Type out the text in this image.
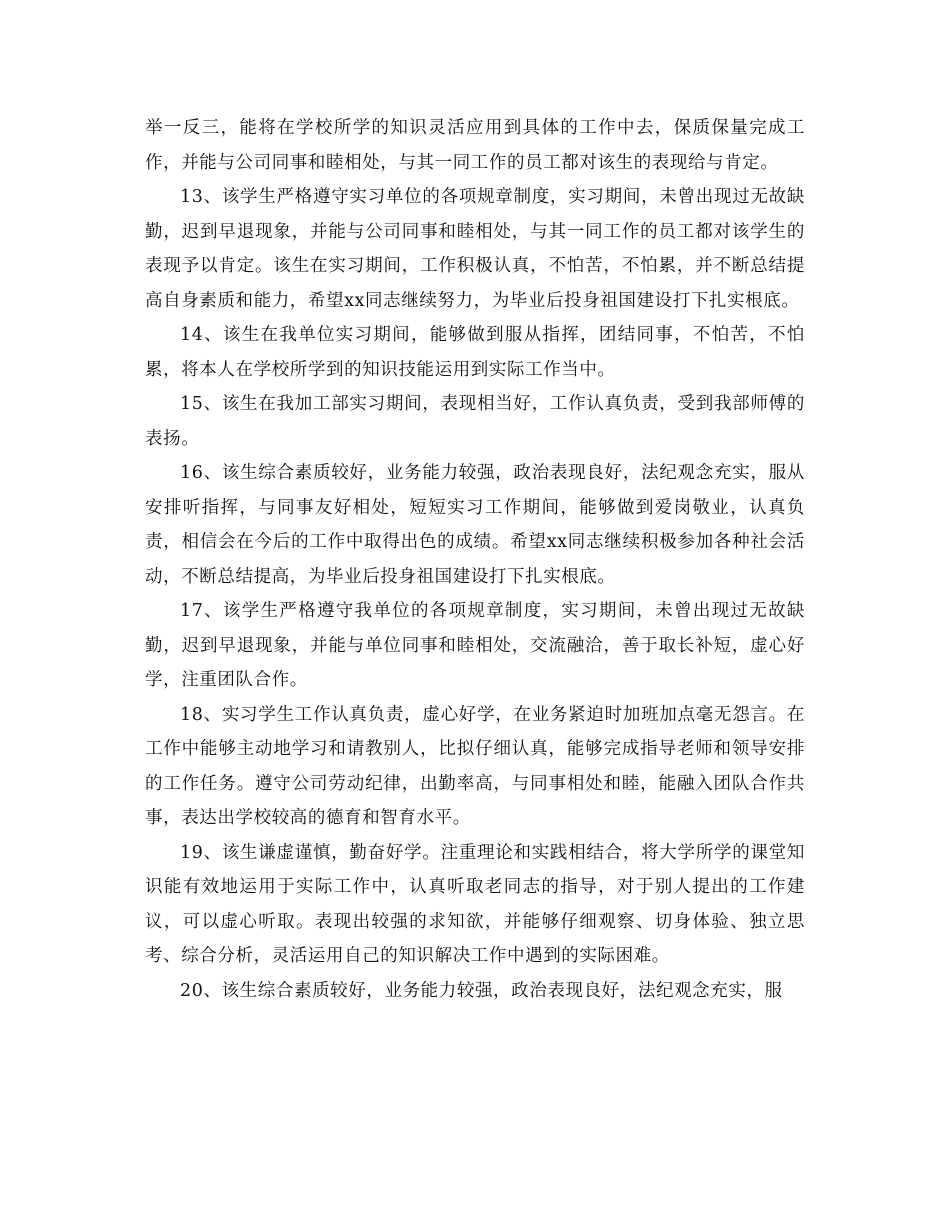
举一反三，能将在学校所学的知识灵活应用到具体的工作中去，保质保量完成工作，并能与公司同事和睦相处，与其一同工作的员工都对该生的表现给与肯定。

13、该学生严格遵守实习单位的各项规章制度，实习期间，未曾出现过无故缺勤，迟到早退现象，并能与公司同事和睦相处，与其一同工作的员工都对该学生的表现予以肯定。该生在实习期间，工作积极认真，不怕苦，不怕累，并不断总结提高自身素质和能力，希望xx同志继续努力，为毕业后投身祖国建设打下扎实根底。

14、该生在我单位实习期间，能够做到服从指挥，团结同事，不怕苦，不怕累，将本人在学校所学到的知识技能运用到实际工作当中。

15、该生在我加工部实习期间，表现相当好，工作认真负责，受到我部师傅的表扬。

16、该生综合素质较好，业务能力较强，政治表现良好，法纪观念充实，服从安排听指挥，与同事友好相处，短短实习工作期间，能够做到爱岗敬业，认真负责，相信会在今后的工作中取得出色的成绩。希望xx同志继续积极参加各种社会活动，不断总结提高，为毕业后投身祖国建设打下扎实根底。

17、该学生严格遵守我单位的各项规章制度，实习期间，未曾出现过无故缺勤，迟到早退现象，并能与单位同事和睦相处，交流融洽，善于取长补短，虚心好学，注重团队合作。

18、实习学生工作认真负责，虚心好学，在业务紧迫时加班加点毫无怨言。在工作中能够主动地学习和请教别人，比拟仔细认真，能够完成指导老师和领导安排的工作任务。遵守公司劳动纪律，出勤率高，与同事相处和睦，能融入团队合作共事，表达出学校较高的德育和智育水平。

19、该生谦虚谨慎，勤奋好学。注重理论和实践相结合，将大学所学的课堂知识能有效地运用于实际工作中，认真听取老同志的指导，对于别人提出的工作建议，可以虚心听取。表现出较强的求知欲，并能够仔细观察、切身体验、独立思考、综合分析，灵活运用自己的知识解决工作中遇到的实际困难。

20、该生综合素质较好，业务能力较强，政治表现良好，法纪观念充实，服
